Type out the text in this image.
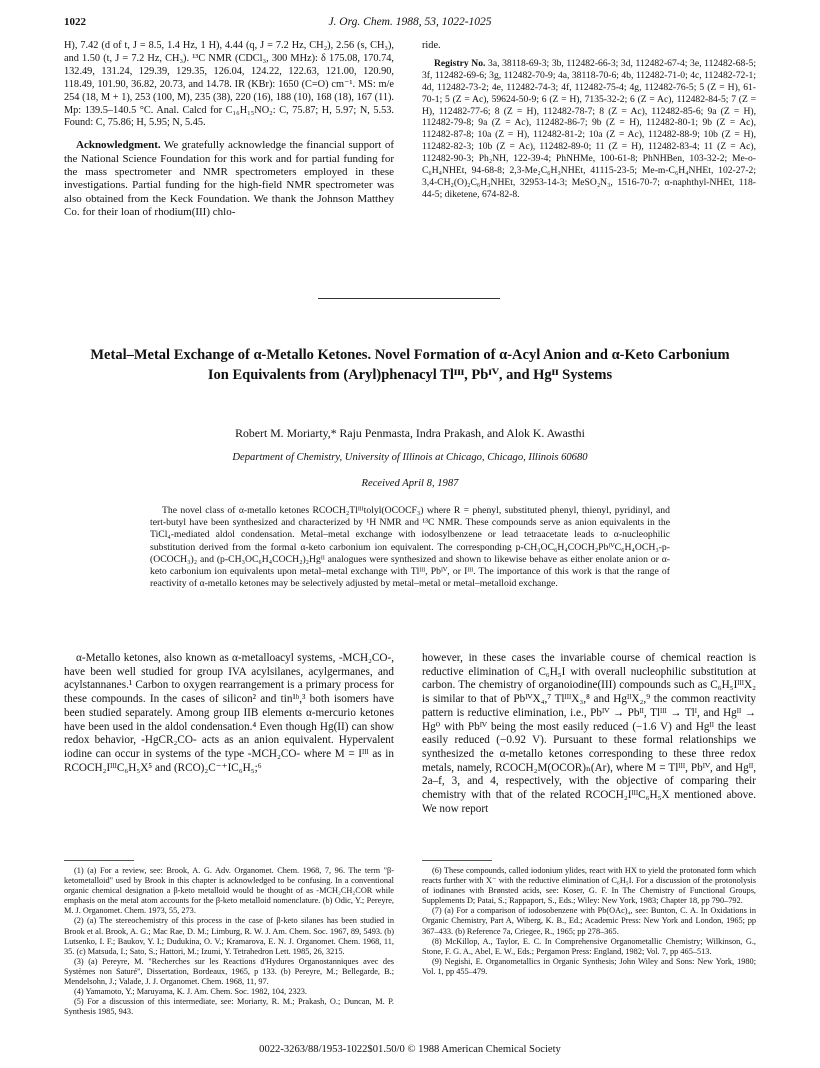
1022	J. Org. Chem. 1988, 53, 1022-1025

H), 7.42 (d of t, J = 8.5, 1.4 Hz, 1 H), 4.44 (q, J = 7.2 Hz, CH₂), 2.56 (s, CH₃), and 1.50 (t, J = 7.2 Hz, CH₃). ¹³C NMR (CDCl₃, 300 MHz): δ 175.08, 170.74, 132.49, 131.24, 129.39, 129.35, 126.04, 124.22, 122.63, 121.00, 120.90, 118.49, 101.90, 36.82, 20.73, and 14.78. IR (KBr): 1650 (C=O) cm⁻¹. MS: m/e 254 (18, M + 1), 253 (100, M), 235 (38), 220 (16), 188 (10), 168 (18), 167 (11). Mp: 139.5–140.5 °C. Anal. Calcd for C₁₆H₁₅NO₂: C, 75.87; H, 5.97; N, 5.53. Found: C, 75.86; H, 5.95; N, 5.45.

Acknowledgment. We gratefully acknowledge the financial support of the National Science Foundation for this work and for partial funding for the mass spectrometer and NMR spectrometers employed in these investigations. Partial funding for the high-field NMR spectrometer was also obtained from the Keck Foundation. We thank the Johnson Matthey Co. for their loan of rhodium(III) chlo-

ride.

Registry No. 3a, 38118-69-3; 3b, 112482-66-3; 3d, 112482-67-4; 3e, 112482-68-5; 3f, 112482-69-6; 3g, 112482-70-9; 4a, 38118-70-6; 4b, 112482-71-0; 4c, 112482-72-1; 4d, 112482-73-2; 4e, 112482-74-3; 4f, 112482-75-4; 4g, 112482-76-5; 5 (Z = H), 61-70-1; 5 (Z = Ac), 59624-50-9; 6 (Z = H), 7135-32-2; 6 (Z = Ac), 112482-84-5; 7 (Z = H), 112482-77-6; 8 (Z = H), 112482-78-7; 8 (Z = Ac), 112482-85-6; 9a (Z = H), 112482-79-8; 9a (Z = Ac), 112482-86-7; 9b (Z = H), 112482-80-1; 9b (Z = Ac), 112482-87-8; 10a (Z = H), 112482-81-2; 10a (Z = Ac), 112482-88-9; 10b (Z = H), 112482-82-3; 10b (Z = Ac), 112482-89-0; 11 (Z = H), 112482-83-4; 11 (Z = Ac), 112482-90-3; Ph₂NH, 122-39-4; PhNHMe, 100-61-8; PhNHBen, 103-32-2; Me-o-C₆H₄NHEt, 94-68-8; 2,3-Me₂C₆H₃NHEt, 41115-23-5; Me-m-C₆H₄NHEt, 102-27-2; 3,4-CH₂(O)₂C₆H₃NHEt, 32953-14-3; MeSO₂N₃, 1516-70-7; α-naphthyl-NHEt, 118-44-5; diketene, 674-82-8.

Metal–Metal Exchange of α-Metallo Ketones. Novel Formation of α-Acyl Anion and α-Keto Carbonium Ion Equivalents from (Aryl)phenacyl Tlᴵᴵᴵ, Pbᴵⱽ, and Hgᴵᴵ Systems
Robert M. Moriarty,* Raju Penmasta, Indra Prakash, and Alok K. Awasthi
Department of Chemistry, University of Illinois at Chicago, Chicago, Illinois 60680
Received April 8, 1987
The novel class of α-metallo ketones RCOCH₂Tlᴵᴵᴵtolyl(OCOCF₃) where R = phenyl, substituted phenyl, thienyl, pyridinyl, and tert-butyl have been synthesized and characterized by ¹H NMR and ¹³C NMR. These compounds serve as anion equivalents in the TiCl₄-mediated aldol condensation. Metal–metal exchange with iodosylbenzene or lead tetraacetate leads to α-nucleophilic substitution derived from the formal α-keto carbonium ion equivalent. The corresponding p-CH₃OC₆H₄COCH₂PbᴵⱽC₆H₄OCH₃-p-(OCOCH₃)₂ and (p-CH₃OC₆H₄COCH₂)₂Hgᴵᴵ analogues were synthesized and shown to likewise behave as either enolate anion or α-keto carbonium ion equivalents upon metal–metal exchange with Tlᴵᴵᴵ, Pbᴵⱽ, or Iᴵᴵᴵ. The importance of this work is that the range of reactivity of α-metallo ketones may be selectively adjusted by metal–metal or metal–metalloid exchange.
α-Metallo ketones, also known as α-metalloacyl systems, -MCH₂CO-, have been well studied for group IVA acylsilanes, acylgermanes, and acylstannanes.¹ Carbon to oxygen rearrangement is a primary process for these compounds. In the cases of silicon² and tin¹ᵇ,³ both isomers have been studied separately. Among group IIB elements α-mercurio ketones have been used in the aldol condensation.⁴ Even though Hg(II) can show redox behavior, -HgCR₂CO- acts as an anion equivalent. Hypervalent iodine can occur in systems of the type -MCH₂CO- where M = Iᴵᴵᴵ as in RCOCH₂IᴵᴵᴵC₆H₅X⁵ and (RCO)₂C⁻⁺IC₆H₅;⁶
however, in these cases the invariable course of chemical reaction is reductive elimination of C₆H₅I with overall nucleophilic substitution at carbon. The chemistry of organoiodine(III) compounds such as C₆H₅IᴵᴵᴵX₂ is similar to that of PbᴵⱽX₄,⁷ TlᴵᴵᴵX₃,⁸ and HgᴵᴵX₂,⁹ the common reactivity pattern is reductive elimination, i.e., Pbᴵⱽ → Pbᴵᴵ, Tlᴵᴵᴵ → Tlᴵ, and Hgᴵᴵ → Hg⁰ with Pbᴵⱽ being the most easily reduced (−1.6 V) and Hgᴵᴵ the least easily reduced (−0.92 V). Pursuant to these formal relationships we synthesized the α-metallo ketones corresponding to these three redox metals, namely, RCOCH₂M(OCOR)ₙ(Ar), where M = Tlᴵᴵᴵ, Pbᴵⱽ, and Hgᴵᴵ, 2a–f, 3, and 4, respectively, with the objective of comparing their chemistry with that of the related RCOCH₂IᴵᴵᴵC₆H₅X mentioned above. We now report

(1) (a) For a review, see: Brook, A. G. Adv. Organomet. Chem. 1968, 7, 96. The term "β-ketometalloid" used by Brook in this chapter is acknowledged to be confusing. In a conventional organic chemical designation a β-keto metalloid would be thought of as -MCH₂CH₂COR while emphasis on the metal atom accounts for the β-keto metalloid nomenclature. (b) Odic, Y.; Pereyre, M. J. Organomet. Chem. 1973, 55, 273.

(2) (a) The stereochemistry of this process in the case of β-keto silanes has been studied in Brook et al. Brook, A. G.; Mac Rae, D. M.; Limburg, R. W. J. Am. Chem. Soc. 1967, 89, 5493. (b) Lutsenko, I. F.; Baukov, Y. I.; Dudukina, O. V.; Kramarova, E. N. J. Organomet. Chem. 1968, 11, 35. (c) Matsuda, I.; Sato, S.; Hattori, M.; Izumi, Y. Tetrahedron Lett. 1985, 26, 3215.

(3) (a) Pereyre, M. "Recherches sur les Reactions d'Hydures Organostanniques avec des Systèmes non Saturé", Dissertation, Bordeaux, 1965, p 133. (b) Pereyre, M.; Bellegarde, B.; Mendelsohn, J.; Valade, J. J. Organomet. Chem. 1968, 11, 97.

(4) Yamamoto, Y.; Maruyama, K. J. Am. Chem. Soc. 1982, 104, 2323.

(5) For a discussion of this intermediate, see: Moriarty, R. M.; Prakash, O.; Duncan, M. P. Synthesis 1985, 943.

(6) These compounds, called iodonium ylides, react with HX to yield the protonated form which reacts further with X⁻ with the reductive elimination of C₆H₅I. For a discussion of the protonolysis of iodinanes with Brønsted acids, see: Koser, G. F. In The Chemistry of Functional Groups, Supplements D; Patai, S.; Rappaport, S., Eds.; Wiley: New York, 1983; Chapter 18, pp 790–792.

(7) (a) For a comparison of iodosobenzene with Pb(OAc)₄, see: Bunton, C. A. In Oxidations in Organic Chemistry, Part A, Wiberg, K. B., Ed.; Academic Press: New York and London, 1965; pp 367–433. (b) Reference 7a, Criegee, R., 1965; pp 278–365.

(8) McKillop, A., Taylor, E. C. In Comprehensive Organometallic Chemistry; Wilkinson, G., Stone, F. G. A., Abel, E. W., Eds.; Pergamon Press: England, 1982; Vol. 7, pp 465–513.

(9) Negishi, E. Organometallics in Organic Synthesis; John Wiley and Sons: New York, 1980; Vol. 1, pp 455–479.

0022-3263/88/1953-1022$01.50/0 © 1988 American Chemical Society
